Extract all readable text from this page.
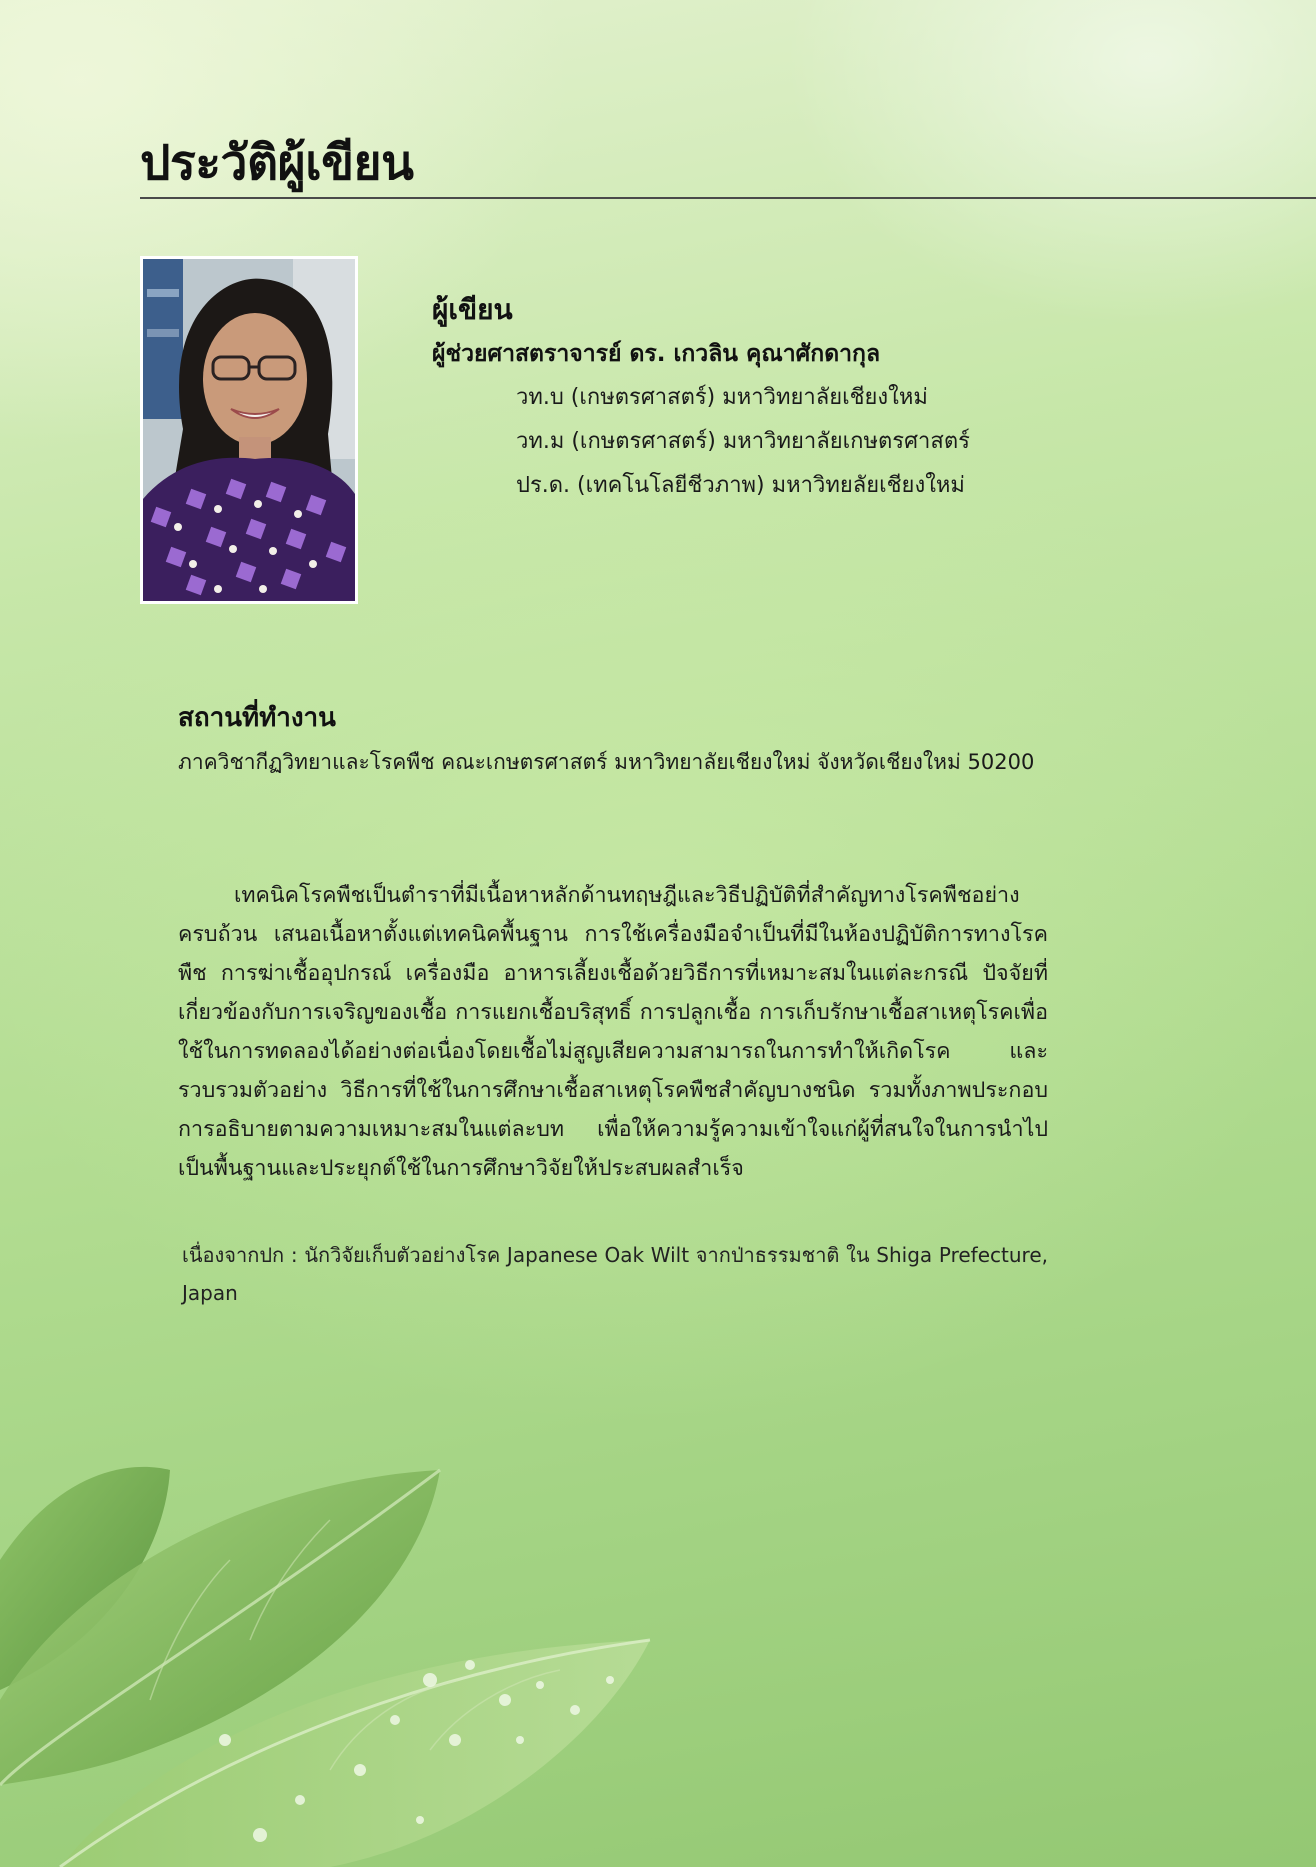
ประวัติผู้เขียน

ผู้เขียน

ผู้ช่วยศาสตราจารย์ ดร. เกวลิน คุณาศักดากุล

วท.บ (เกษตรศาสตร์) มหาวิทยาลัยเชียงใหม่
วท.ม (เกษตรศาสตร์) มหาวิทยาลัยเกษตรศาสตร์
ปร.ด. (เทคโนโลยีชีวภาพ) มหาวิทยลัยเชียงใหม่

สถานที่ทำงาน

ภาควิชากีฏวิทยาและโรคพืช คณะเกษตรศาสตร์ มหาวิทยาลัยเชียงใหม่ จังหวัดเชียงใหม่ 50200

เทคนิคโรคพืชเป็นตำราที่มีเนื้อหาหลักด้านทฤษฎีและวิธีปฏิบัติที่สำคัญทางโรคพืชอย่างครบถ้วน เสนอเนื้อหาตั้งแต่เทคนิคพื้นฐาน การใช้เครื่องมือจำเป็นที่มีในห้องปฏิบัติการทางโรคพืช การฆ่าเชื้ออุปกรณ์ เครื่องมือ อาหารเลี้ยงเชื้อด้วยวิธีการที่เหมาะสมในแต่ละกรณี ปัจจัยที่เกี่ยวข้องกับการเจริญของเชื้อ การแยกเชื้อบริสุทธิ์ การปลูกเชื้อ การเก็บรักษาเชื้อสาเหตุโรคเพื่อใช้ในการทดลองได้อย่างต่อเนื่องโดยเชื้อไม่สูญเสียความสามารถในการทำให้เกิดโรค และรวบรวมตัวอย่าง วิธีการที่ใช้ในการศึกษาเชื้อสาเหตุโรคพืชสำคัญบางชนิด รวมทั้งภาพประกอบการอธิบายตามความเหมาะสมในแต่ละบท เพื่อให้ความรู้ความเข้าใจแก่ผู้ที่สนใจในการนำไปเป็นพื้นฐานและประยุกต์ใช้ในการศึกษาวิจัยให้ประสบผลสำเร็จ

เนื่องจากปก : นักวิจัยเก็บตัวอย่างโรค Japanese Oak Wilt จากป่าธรรมชาติ ใน Shiga Prefecture, Japan
